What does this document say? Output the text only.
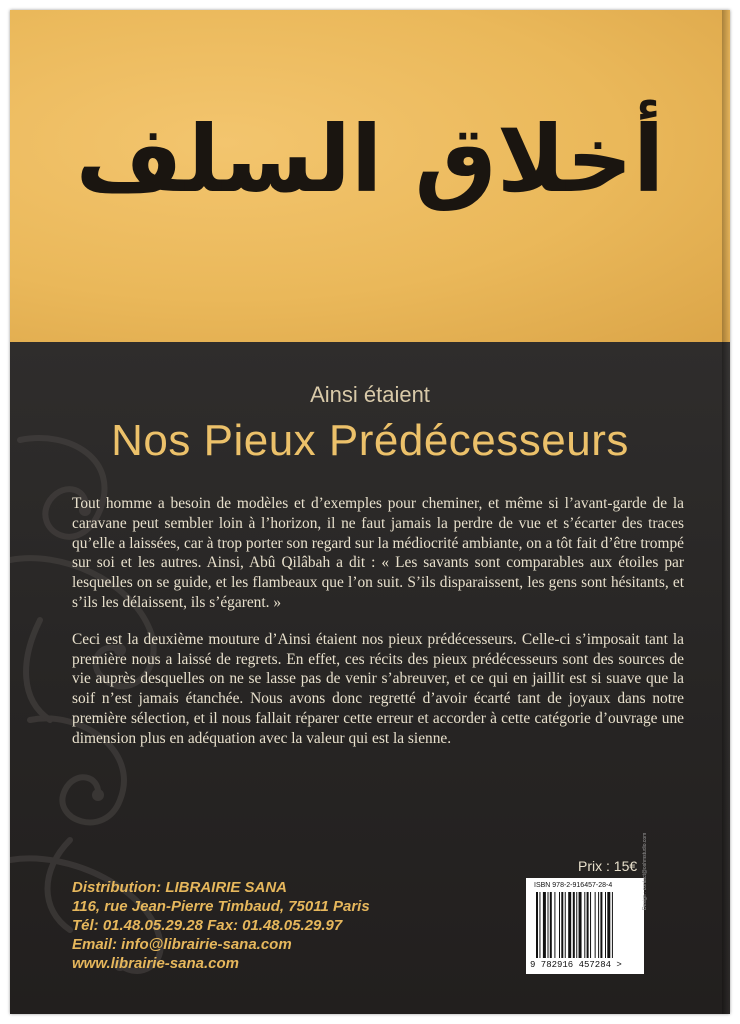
أخلاق السلف
Ainsi étaient
Nos Pieux Prédécesseurs

Tout homme a besoin de modèles et d’exemples pour cheminer, et même si l’avant-garde de la caravane peut sembler loin à l’horizon, il ne faut jamais la perdre de vue et s’écarter des traces qu’elle a laissées, car à trop porter son regard sur la médiocrité ambiante, on a tôt fait d’être trompé sur soi et les autres. Ainsi, Abû Qilâbah a dit : « Les savants sont comparables aux étoiles par lesquelles on se guide, et les flambeaux que l’on suit. S’ils disparaissent, les gens sont hésitants, et s’ils les délaissent, ils s’égarent. »

Ceci est la deuxième mouture d’Ainsi étaient nos pieux prédécesseurs. Celle-ci s’imposait tant la première nous a laissé de regrets. En effet, ces récits des pieux prédécesseurs sont des sources de vie auprès desquelles on ne se lasse pas de venir s’abreuver, et ce qui en jaillit est si suave que la soif n’est jamais étanchée. Nous avons donc regretté d’avoir écarté tant de joyaux dans notre première sélection, et il nous fallait réparer cette erreur et accorder à cette catégorie d’ouvrage une dimension plus en adéquation avec la valeur qui est la sienne.

Prix : 15€
ISBN 978-2-916457-28-4
9 782916 457284 >
Design : contact@oshmstudio.com
Distribution: LIBRAIRIE SANA
116, rue Jean-Pierre Timbaud, 75011 Paris
Tél: 01.48.05.29.28 Fax: 01.48.05.29.97
Email: info@librairie-sana.com
www.librairie-sana.com
